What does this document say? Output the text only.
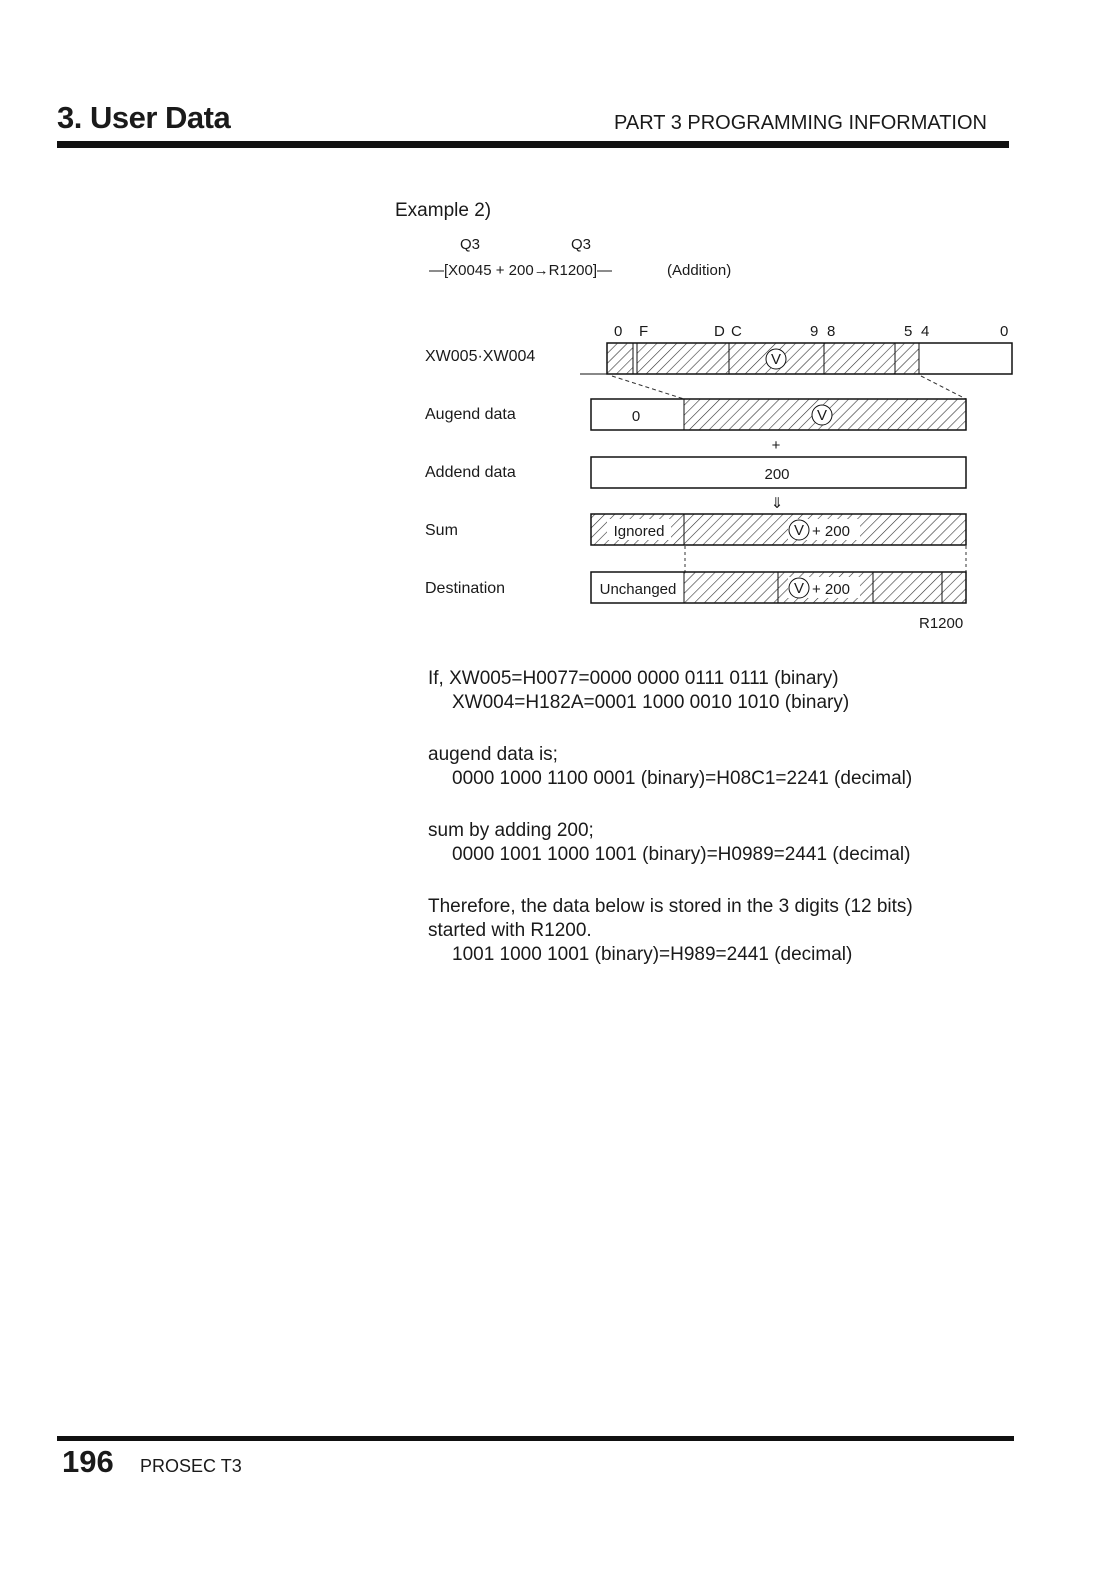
3. User Data	PART 3 PROGRAMMING INFORMATION
Example 2)
Q3	Q3
—[X0045 + 200→R1200]—	(Addition)
XW005·XW004
Augend data
Addend data
Sum
Destination
0 F	D C	9 8	5 4	0
V
0	V
+
200
⇓
Ignored	V + 200
Unchanged	V + 200
R1200
If, XW005=H0077=0000 0000 0111 0111 (binary)
XW004=H182A=0001 1000 0010 1010 (binary)
augend data is;
0000 1000 1100 0001 (binary)=H08C1=2241 (decimal)
sum by adding 200;
0000 1001 1000 1001 (binary)=H0989=2441 (decimal)
Therefore, the data below is stored in the 3 digits (12 bits)
started with R1200.
1001 1000 1001 (binary)=H989=2441 (decimal)
196 PROSEC T3
